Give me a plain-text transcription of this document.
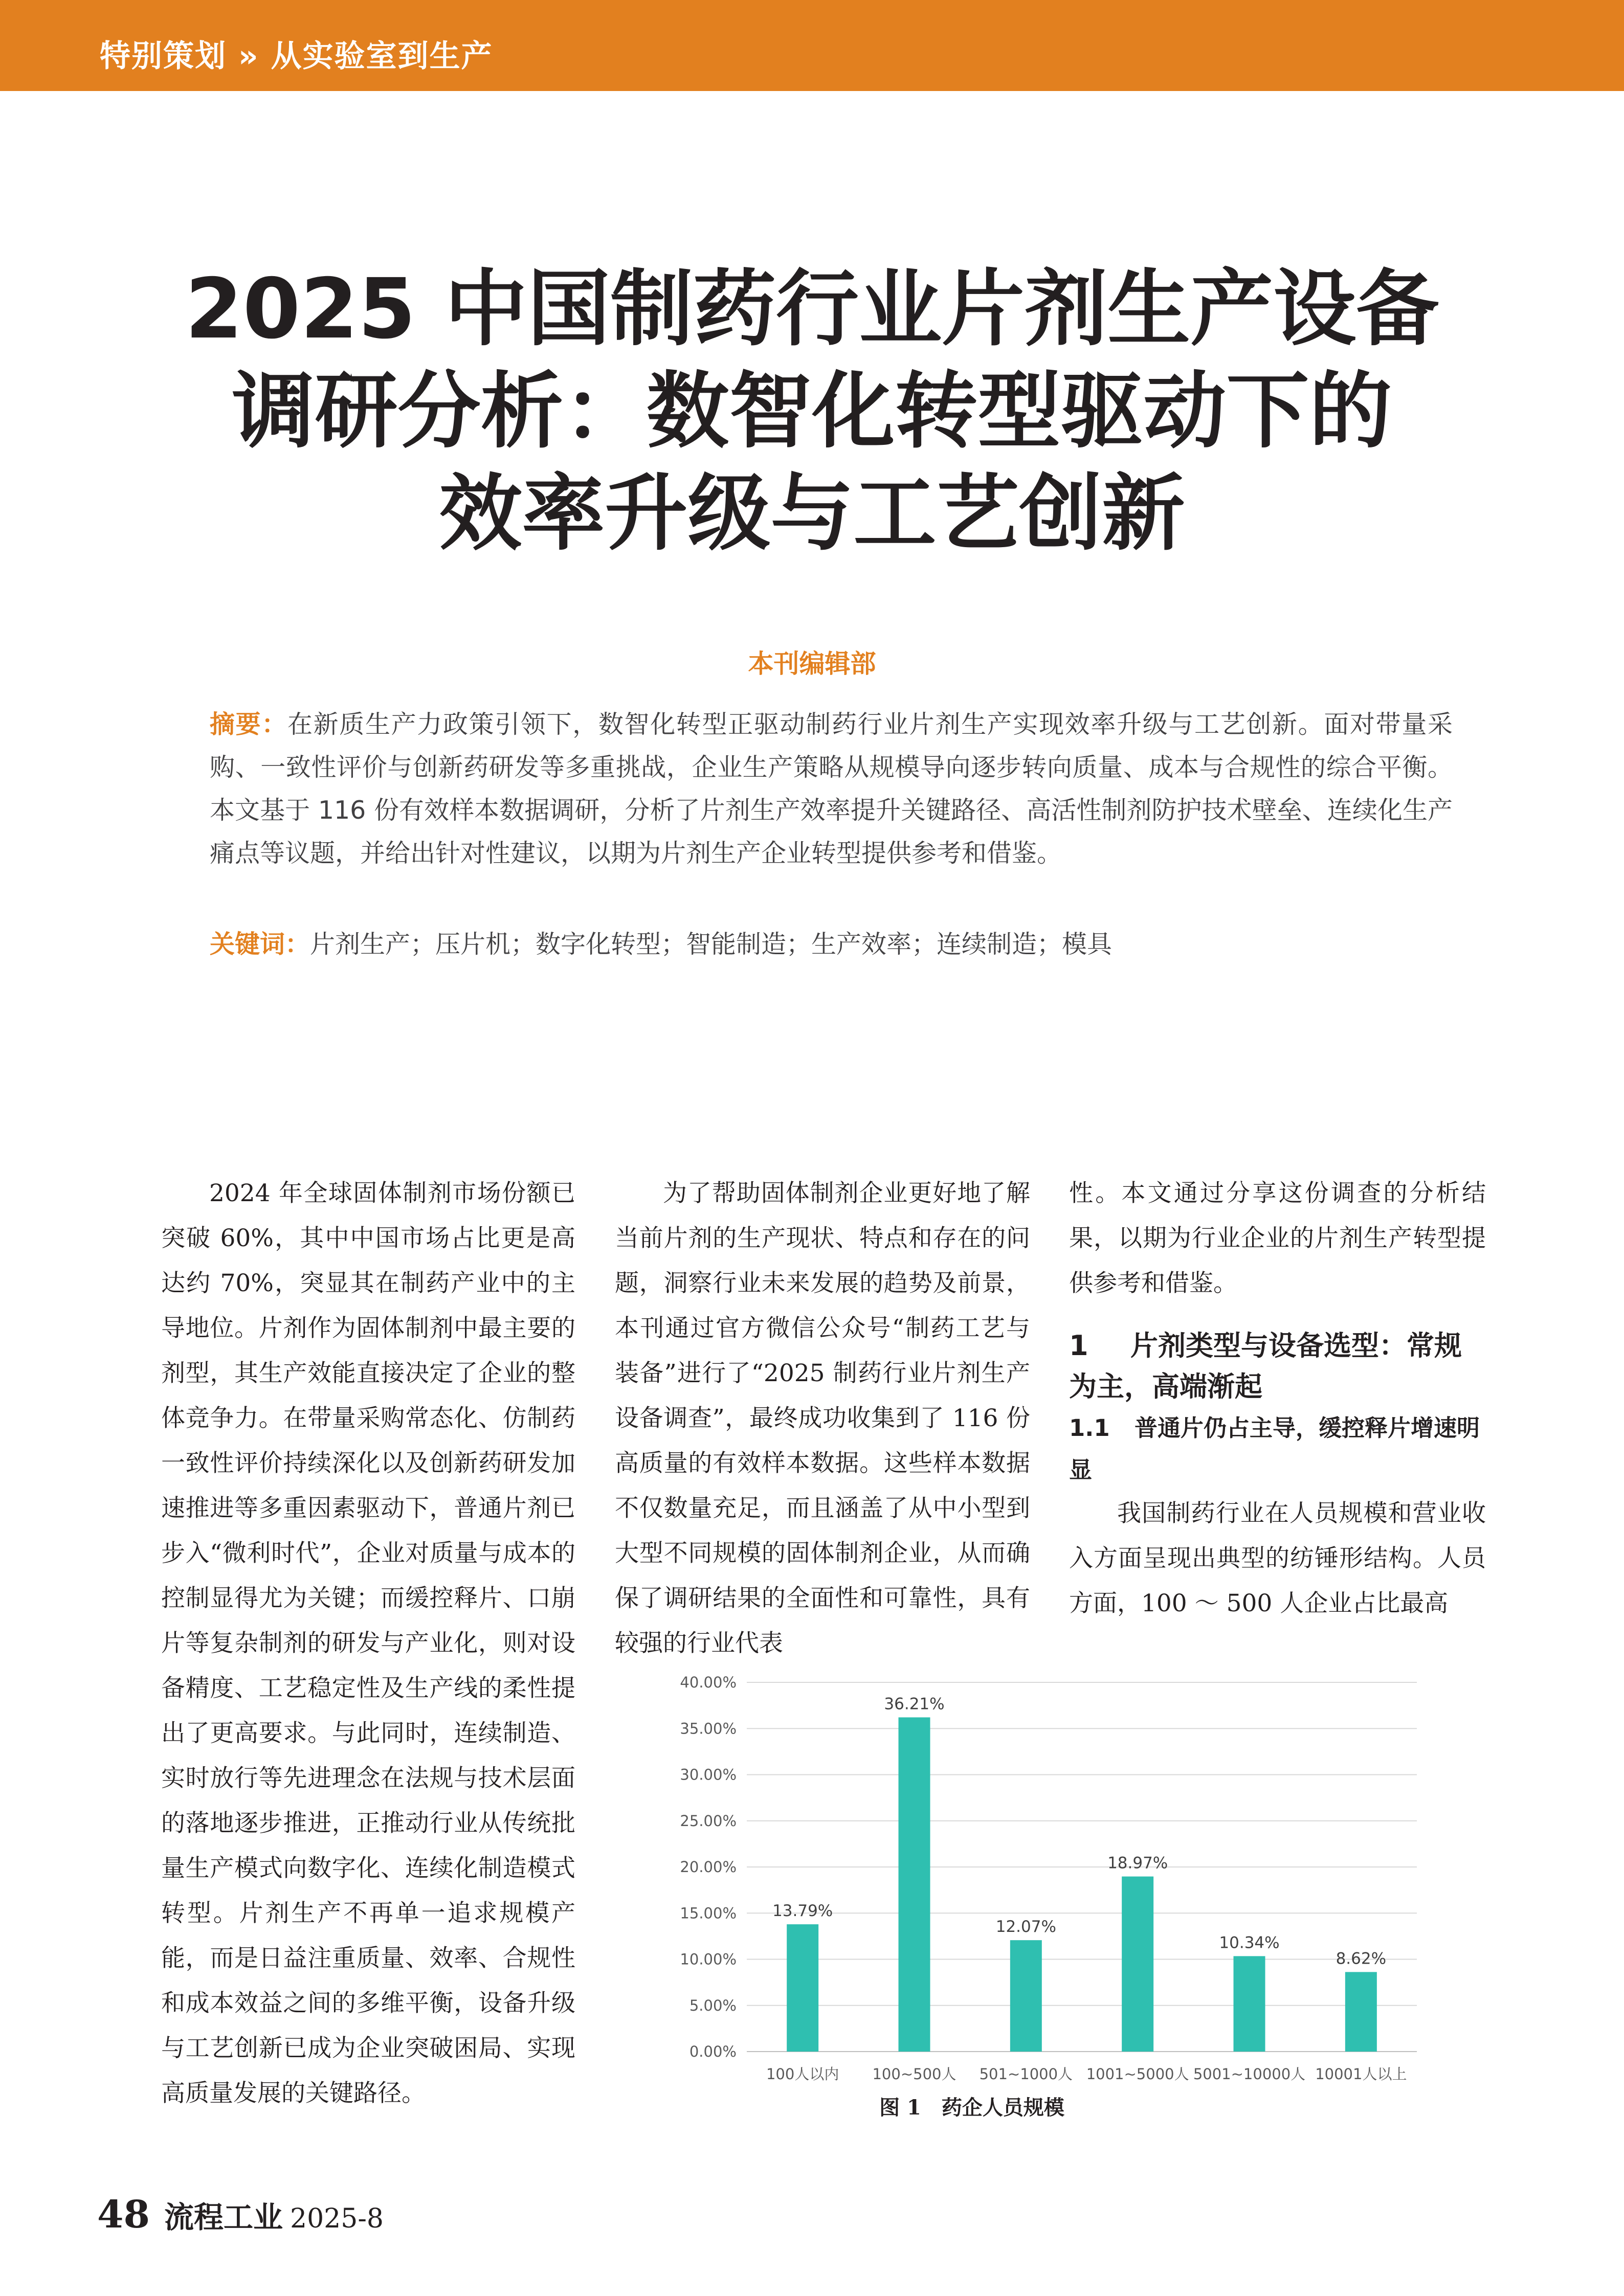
特别策划 » 从实验室到生产
2025 中国制药行业片剂生产设备
调研分析：数智化转型驱动下的
效率升级与工艺创新
本刊编辑部
摘要：在新质生产力政策引领下，数智化转型正驱动制药行业片剂生产实现效率升级与工艺创新。面对带量采购、一致性评价与创新药研发等多重挑战，企业生产策略从规模导向逐步转向质量、成本与合规性的综合平衡。本文基于 116 份有效样本数据调研，分析了片剂生产效率提升关键路径、高活性制剂防护技术壁垒、连续化生产痛点等议题，并给出针对性建议，以期为片剂生产企业转型提供参考和借鉴。
关键词：片剂生产；压片机；数字化转型；智能制造；生产效率；连续制造；模具

2024 年全球固体制剂市场份额已突破 60%，其中中国市场占比更是高达约 70%，突显其在制药产业中的主导地位。片剂作为固体制剂中最主要的剂型，其生产效能直接决定了企业的整体竞争力。在带量采购常态化、仿制药一致性评价持续深化以及创新药研发加速推进等多重因素驱动下，普通片剂已步入“微利时代”，企业对质量与成本的控制显得尤为关键；而缓控释片、口崩片等复杂制剂的研发与产业化，则对设备精度、工艺稳定性及生产线的柔性提出了更高要求。与此同时，连续制造、实时放行等先进理念在法规与技术层面的落地逐步推进，正推动行业从传统批量生产模式向数字化、连续化制造模式转型。片剂生产不再单一追求规模产能，而是日益注重质量、效率、合规性和成本效益之间的多维平衡，设备升级与工艺创新已成为企业突破困局、实现高质量发展的关键路径。

为了帮助固体制剂企业更好地了解当前片剂的生产现状、特点和存在的问题，洞察行业未来发展的趋势及前景，本刊通过官方微信公众号“制药工艺与装备”进行了“2025 制药行业片剂生产设备调查”，最终成功收集到了 116 份高质量的有效样本数据。这些样本数据不仅数量充足，而且涵盖了从中小型到大型不同规模的固体制剂企业，从而确保了调研结果的全面性和可靠性，具有较强的行业代表

性。本文通过分享这份调查的分析结果，以期为行业企业的片剂生产转型提供参考和借鉴。

1 片剂类型与设备选型：常规为主，高端渐起
1.1 普通片仍占主导，缓控释片增速明显

我国制药行业在人员规模和营业收入方面呈现出典型的纺锤形结构。人员方面，100 ～ 500 人企业占比最高

0.00%
5.00%
10.00%
15.00%
20.00%
25.00%
30.00%
35.00%
40.00%
13.79%
36.21%
12.07%
18.97%
10.34%
8.62%
100人以内 100~500人 501~1000人 1001~5000人 5001~10000人 10001人以上
图 1　药企人员规模
48 流程工业 2025-8
